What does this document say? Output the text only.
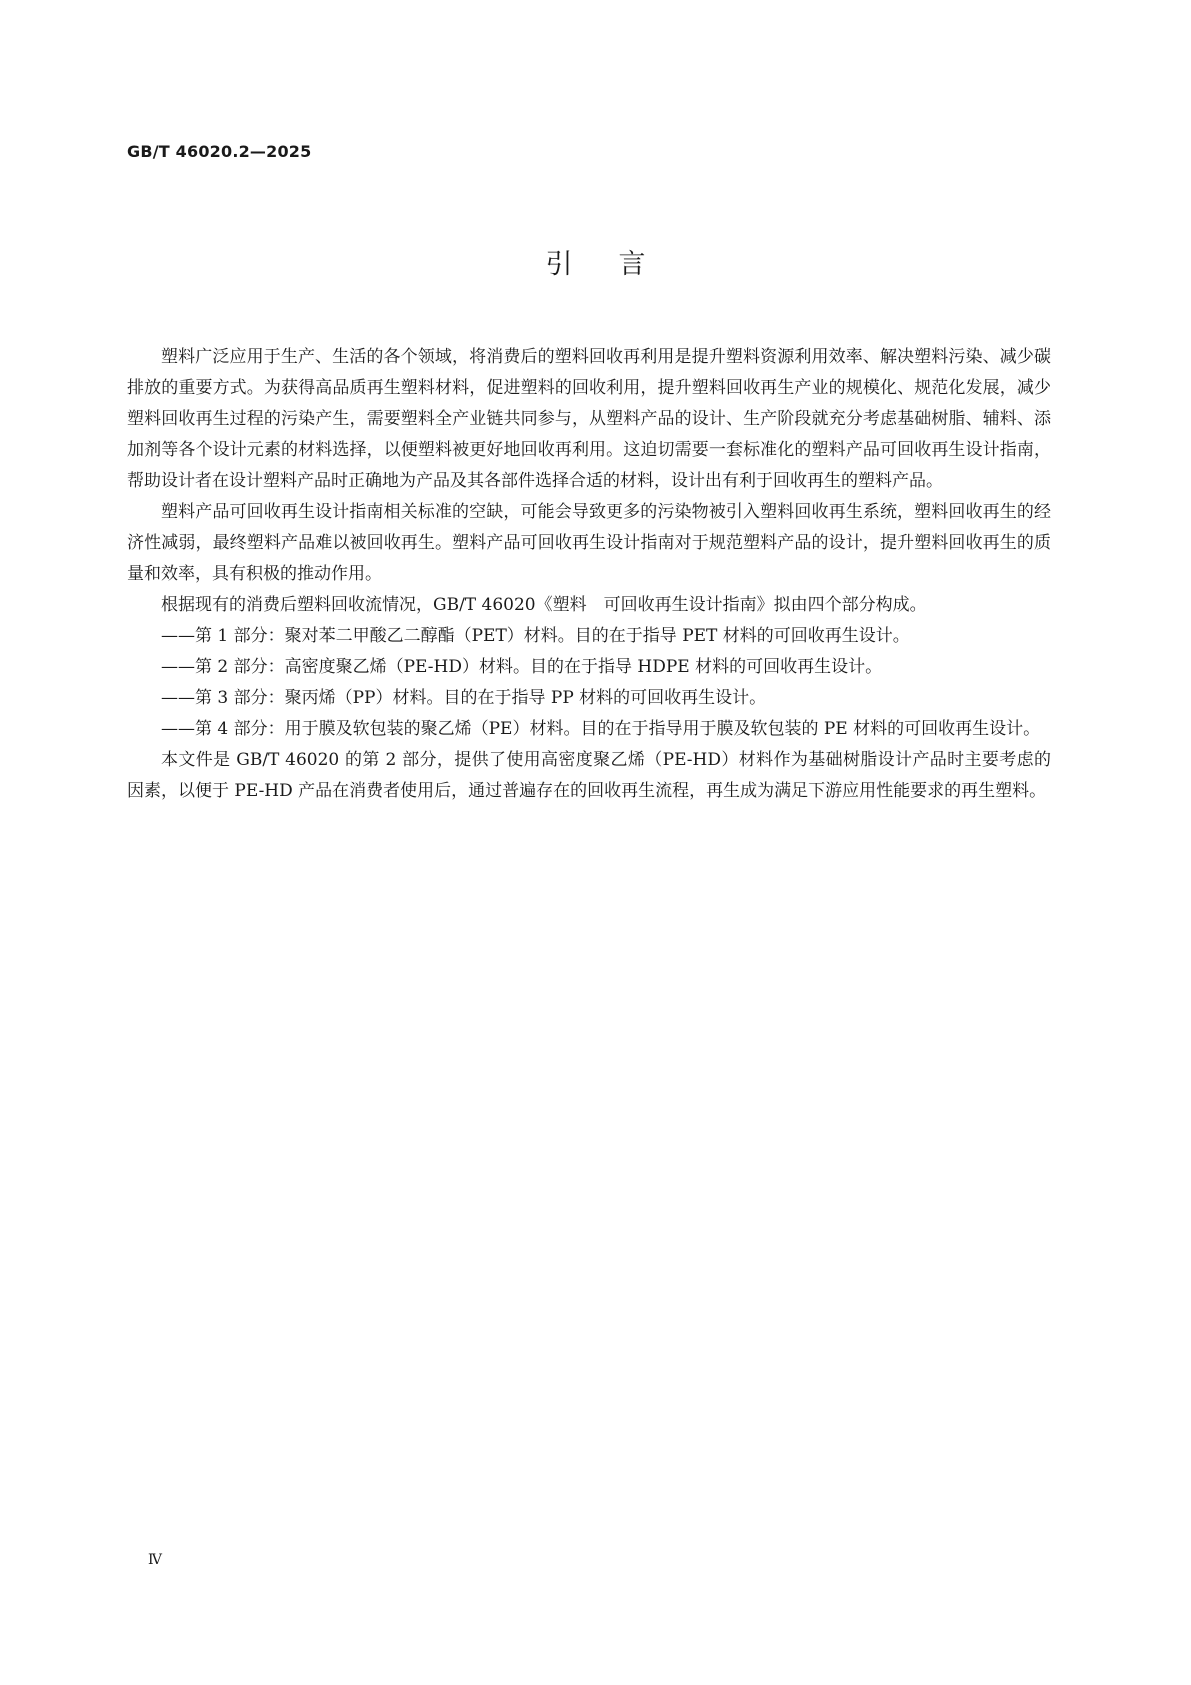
GB/T 46020.2—2025
引言

塑料广泛应用于生产、生活的各个领域，将消费后的塑料回收再利用是提升塑料资源利用效率、解决塑料污染、减少碳排放的重要方式。为获得高品质再生塑料材料，促进塑料的回收利用，提升塑料回收再生产业的规模化、规范化发展，减少塑料回收再生过程的污染产生，需要塑料全产业链共同参与，从塑料产品的设计、生产阶段就充分考虑基础树脂、辅料、添加剂等各个设计元素的材料选择，以便塑料被更好地回收再利用。这迫切需要一套标准化的塑料产品可回收再生设计指南，帮助设计者在设计塑料产品时正确地为产品及其各部件选择合适的材料，设计出有利于回收再生的塑料产品。

塑料产品可回收再生设计指南相关标准的空缺，可能会导致更多的污染物被引入塑料回收再生系统，塑料回收再生的经济性减弱，最终塑料产品难以被回收再生。塑料产品可回收再生设计指南对于规范塑料产品的设计，提升塑料回收再生的质量和效率，具有积极的推动作用。

根据现有的消费后塑料回收流情况，GB/T 46020《塑料　可回收再生设计指南》拟由四个部分构成。

——第 1 部分：聚对苯二甲酸乙二醇酯（PET）材料。目的在于指导 PET 材料的可回收再生设计。
——第 2 部分：高密度聚乙烯（PE-HD）材料。目的在于指导 HDPE 材料的可回收再生设计。
——第 3 部分：聚丙烯（PP）材料。目的在于指导 PP 材料的可回收再生设计。
——第 4 部分：用于膜及软包装的聚乙烯（PE）材料。目的在于指导用于膜及软包装的 PE 材料的可回收再生设计。

本文件是 GB/T 46020 的第 2 部分，提供了使用高密度聚乙烯（PE-HD）材料作为基础树脂设计产品时主要考虑的因素，以便于 PE-HD 产品在消费者使用后，通过普遍存在的回收再生流程，再生成为满足下游应用性能要求的再生塑料。

Ⅳ
